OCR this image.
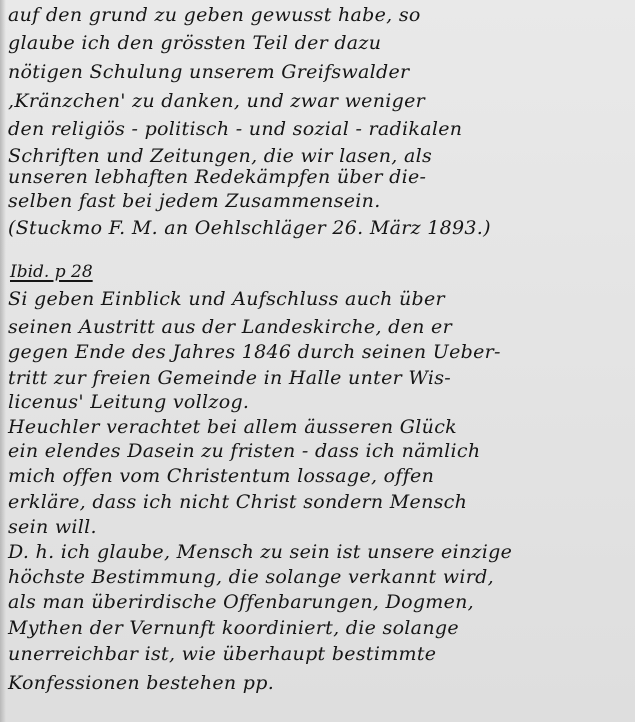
auf den grund zu geben gewusst habe, so
glaube ich den grössten Teil der dazu
nötigen Schulung unserem Greifswalder
,Kränzchen' zu danken, und zwar weniger
den religiös - politisch - und sozial - radikalen
Schriften und Zeitungen, die wir lasen, als
unseren lebhaften Redekämpfen über die-
selben fast bei jedem Zusammensein.
(Stuckmo F. M. an Oehlschläger 26. März 1893.)
Ibid. p 28
Si geben Einblick und Aufschluss auch über
seinen Austritt aus der Landeskirche, den er
gegen Ende des Jahres 1846 durch seinen Ueber-
tritt zur freien Gemeinde in Halle unter Wis-
licenus' Leitung vollzog.
Heuchler verachtet bei allem äusseren Glück
ein elendes Dasein zu fristen - dass ich nämlich
mich offen vom Christentum lossage, offen
erkläre, dass ich nicht Christ sondern Mensch
sein will.
D. h. ich glaube, Mensch zu sein ist unsere einzige
höchste Bestimmung, die solange verkannt wird,
als man überirdische Offenbarungen, Dogmen,
Mythen der Vernunft koordiniert, die solange
unerreichbar ist, wie überhaupt bestimmte
Konfessionen bestehen pp.
